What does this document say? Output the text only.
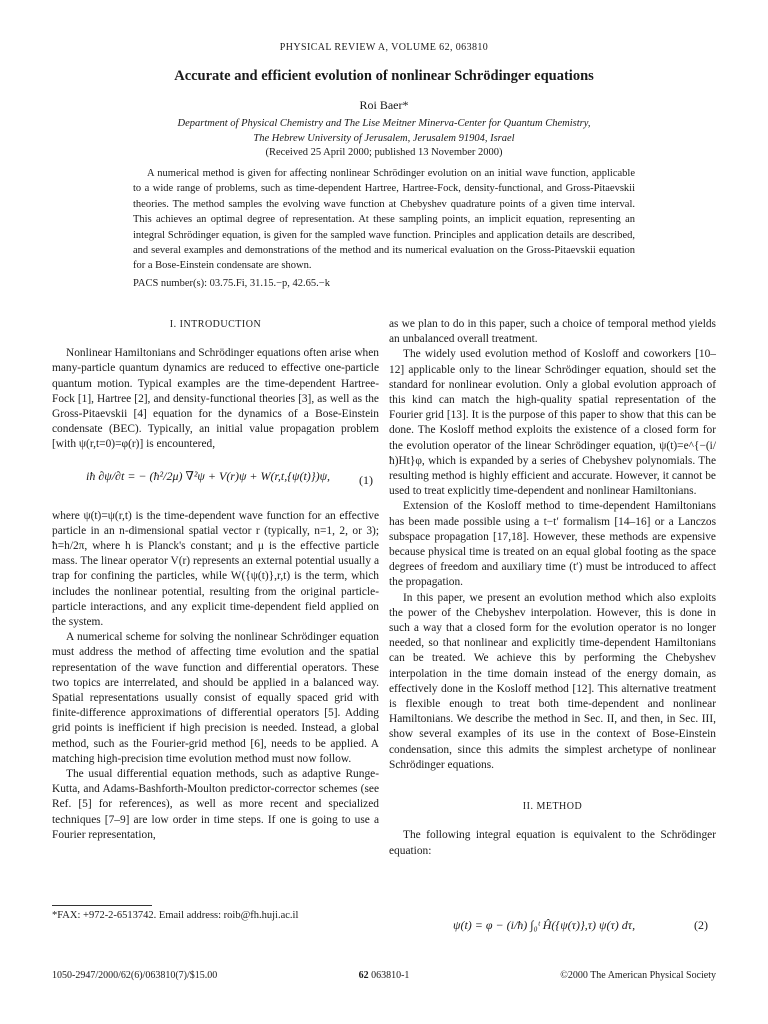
PHYSICAL REVIEW A, VOLUME 62, 063810
Accurate and efficient evolution of nonlinear Schrödinger equations
Roi Baer*
Department of Physical Chemistry and The Lise Meitner Minerva-Center for Quantum Chemistry,
The Hebrew University of Jerusalem, Jerusalem 91904, Israel
(Received 25 April 2000; published 13 November 2000)

A numerical method is given for affecting nonlinear Schrödinger evolution on an initial wave function, applicable to a wide range of problems, such as time-dependent Hartree, Hartree-Fock, density-functional, and Gross-Pitaevskii theories. The method samples the evolving wave function at Chebyshev quadrature points of a given time interval. This achieves an optimal degree of representation. At these sampling points, an implicit equation, representing an integral Schrödinger equation, is given for the sampled wave function. Principles and application details are described, and several examples and demonstrations of the method and its numerical evaluation on the Gross-Pitaevskii equation for a Bose-Einstein condensate are shown.

PACS number(s): 03.75.Fi, 31.15.−p, 42.65.−k
I. INTRODUCTION

Nonlinear Hamiltonians and Schrödinger equations often arise when many-particle quantum dynamics are reduced to effective one-particle quantum motion. Typical examples are the time-dependent Hartree-Fock [1], Hartree [2], and density-functional theories [3], as well as the Gross-Pitaevskii [4] equation for the dynamics of a Bose-Einstein condensate (BEC). Typically, an initial value propagation problem [with ψ(r,t=0)=φ(r)] is encountered,

iħ ∂ψ/∂t = − (ħ²/2μ) ∇²ψ + V(r)ψ + W(r,t,{ψ(t)})ψ, (1)

where ψ(t)=ψ(r,t) is the time-dependent wave function for an effective particle in an n-dimensional spatial vector r (typically, n=1, 2, or 3); ħ=h/2π, where h is Planck's constant; and μ is the effective particle mass. The linear operator V(r) represents an external potential usually a trap for confining the particles, while W({ψ(t)},r,t) is the term, which includes the nonlinear potential, resulting from the original particle-particle interactions, and any explicit time-dependent field applied on the system.

A numerical scheme for solving the nonlinear Schrödinger equation must address the method of affecting time evolution and the spatial representation of the wave function and differential operators. These two topics are interrelated, and should be applied in a balanced way. Spatial representations usually consist of equally spaced grid with finite-difference approximations of differential operators [5]. Adding grid points is inefficient if high precision is needed. Instead, a global method, such as the Fourier-grid method [6], needs to be applied. A matching high-precision time evolution method must now follow.

The usual differential equation methods, such as adaptive Runge-Kutta, and Adams-Bashforth-Moulton predictor-corrector schemes (see Ref. [5] for references), as well as more recent and specialized techniques [7–9] are low order in time steps. If one is going to use a Fourier representation,

as we plan to do in this paper, such a choice of temporal method yields an unbalanced overall treatment.

The widely used evolution method of Kosloff and coworkers [10–12] applicable only to the linear Schrödinger equation, should set the standard for nonlinear evolution. Only a global evolution approach of this kind can match the high-quality spatial representation of the Fourier grid [13]. It is the purpose of this paper to show that this can be done. The Kosloff method exploits the existence of a closed form for the evolution operator of the linear Schrödinger equation, ψ(t)=e^{−(i/ħ)Ht}φ, which is expanded by a series of Chebyshev polynomials. The resulting method is highly efficient and accurate. However, it cannot be used to treat explicitly time-dependent and nonlinear Hamiltonians.

Extension of the Kosloff method to time-dependent Hamiltonians has been made possible using a t−t′ formalism [14–16] or a Lanczos subspace propagation [17,18]. However, these methods are expensive because physical time is treated on an equal global footing as the space degrees of freedom and auxiliary time (t′) must be introduced to affect the propagation.

In this paper, we present an evolution method which also exploits the power of the Chebyshev interpolation. However, this is done in such a way that a closed form for the evolution operator is no longer needed, so that nonlinear and explicitly time-dependent Hamiltonians can be treated. We achieve this by performing the Chebyshev interpolation in the time domain instead of the energy domain, as effectively done in the Kosloff method [12]. This alternative treatment is flexible enough to treat both time-dependent and nonlinear Hamiltonians. We describe the method in Sec. II, and then, in Sec. III, show several examples of its use in the context of Bose-Einstein condensation, since this admits the simplest archetype of nonlinear Schrödinger equations.

II. METHOD

The following integral equation is equivalent to the Schrödinger equation:

ψ(t) = φ − (i/ħ) ∫₀ᵗ Ĥ({ψ(τ)},τ) ψ(τ) dτ,	(2)
*FAX: +972-2-6513742. Email address: roib@fh.huji.ac.il
1050-2947/2000/62(6)/063810(7)/$15.00	62 063810-1	©2000 The American Physical Society
